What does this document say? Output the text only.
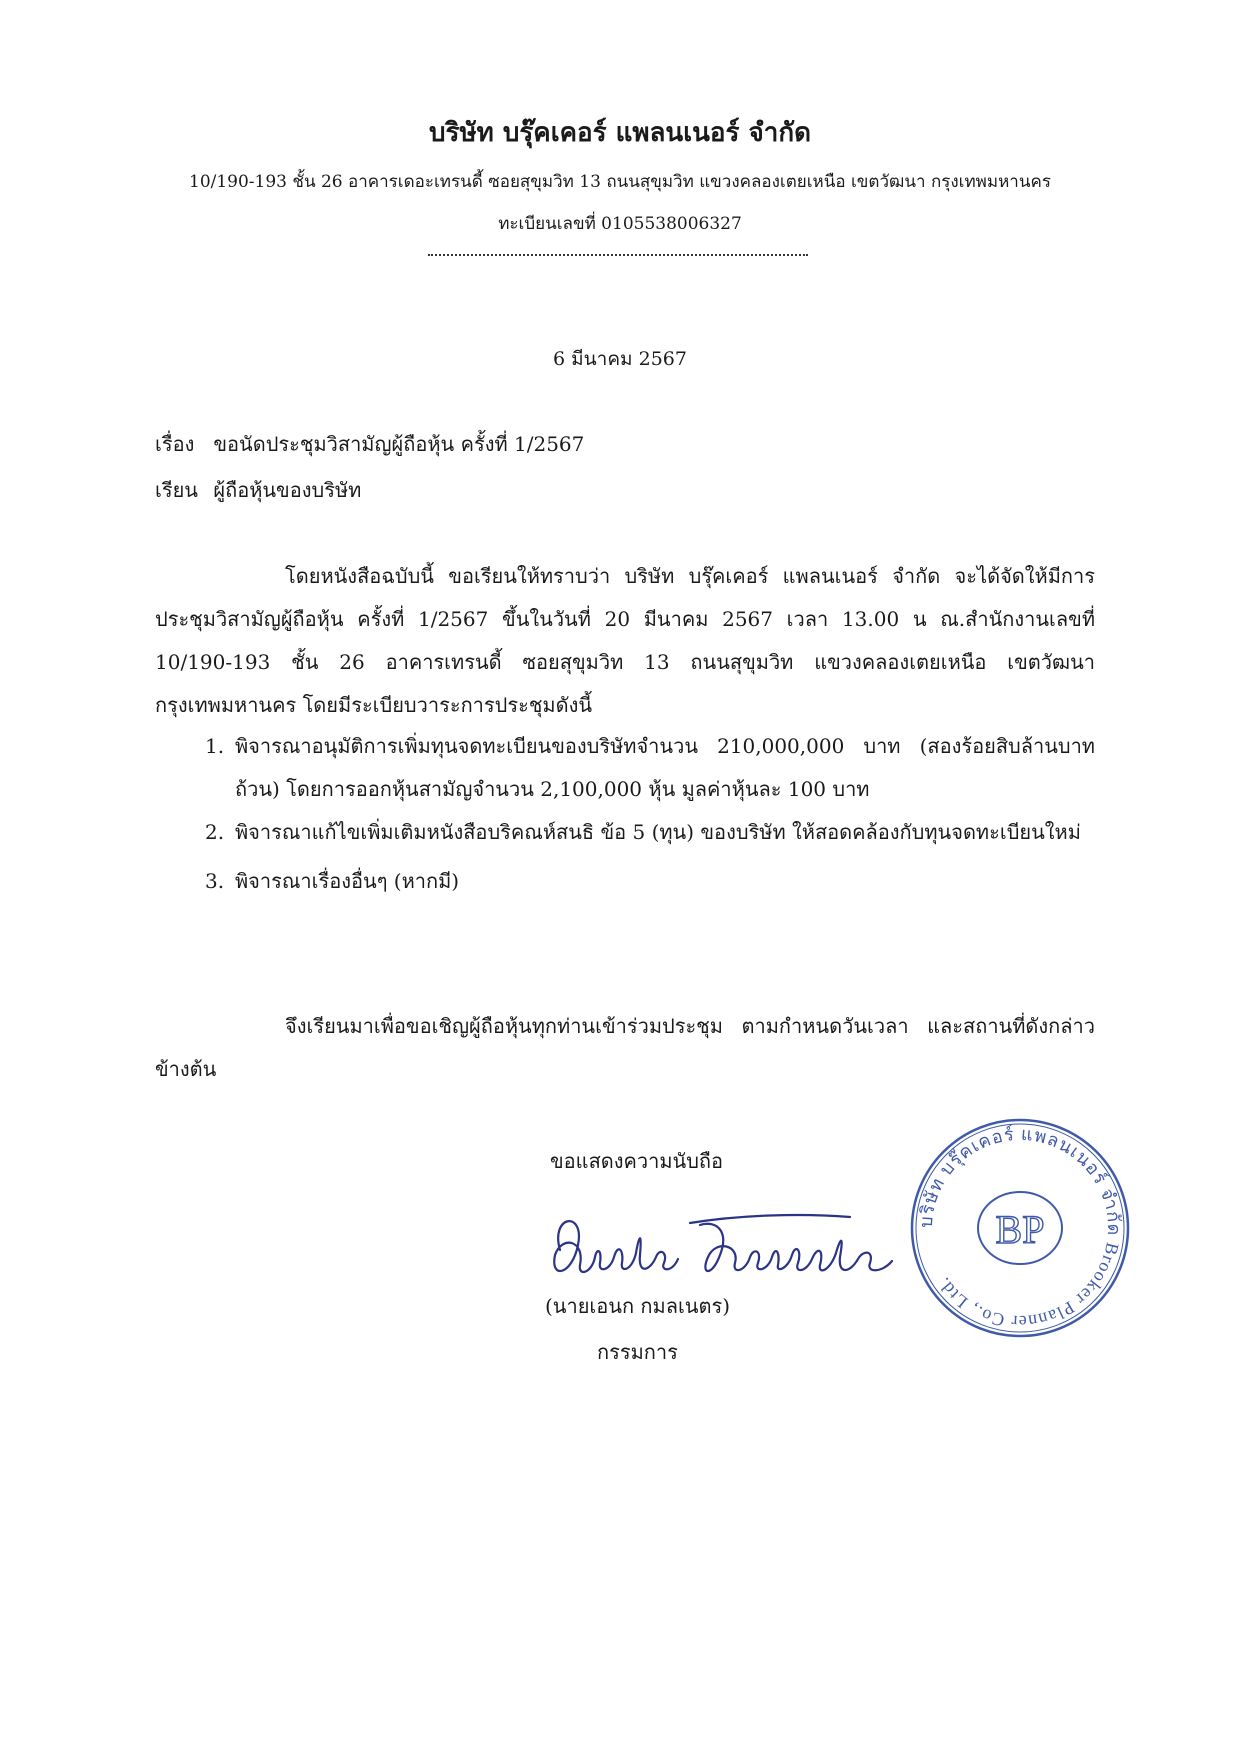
บริษัท บรุ๊คเคอร์ แพลนเนอร์ จำกัด
10/190-193 ชั้น 26 อาคารเดอะเทรนดี้ ซอยสุขุมวิท 13 ถนนสุขุมวิท แขวงคลองเตยเหนือ เขตวัฒนา กรุงเทพมหานคร
ทะเบียนเลขที่ 0105538006327
6 มีนาคม 2567
เรื่อง ขอนัดประชุมวิสามัญผู้ถือหุ้น ครั้งที่ 1/2567
เรียน ผู้ถือหุ้นของบริษัท
โดยหนังสือฉบับนี้ ขอเรียนให้ทราบว่า บริษัท บรุ๊คเคอร์ แพลนเนอร์ จำกัด จะได้จัดให้มีการประชุมวิสามัญผู้ถือหุ้น ครั้งที่ 1/2567 ขึ้นในวันที่ 20 มีนาคม 2567 เวลา 13.00 น ณ.สำนักงานเลขที่ 10/190-193 ชั้น 26 อาคารเทรนดี้ ซอยสุขุมวิท 13 ถนนสุขุมวิท แขวงคลองเตยเหนือ เขตวัฒนา กรุงเทพมหานคร โดยมีระเบียบวาระการประชุมดังนี้
1. พิจารณาอนุมัติการเพิ่มทุนจดทะเบียนของบริษัทจำนวน 210,000,000 บาท (สองร้อยสิบล้านบาทถ้วน) โดยการออกหุ้นสามัญจำนวน 2,100,000 หุ้น มูลค่าหุ้นละ 100 บาท
2. พิจารณาแก้ไขเพิ่มเติมหนังสือบริคณห์สนธิ ข้อ 5 (ทุน) ของบริษัท ให้สอดคล้องกับทุนจดทะเบียนใหม่
3. พิจารณาเรื่องอื่นๆ (หากมี)
จึงเรียนมาเพื่อขอเชิญผู้ถือหุ้นทุกท่านเข้าร่วมประชุม ตามกำหนดวันเวลา และสถานที่ดังกล่าวข้างต้น
ขอแสดงความนับถือ
(นายเอนก กมลเนตร)
กรรมการ
บริษัท บรุ๊คเคอร์ แพลนเนอร์ จำกัด Brooker Planner Co., Ltd.
BP
